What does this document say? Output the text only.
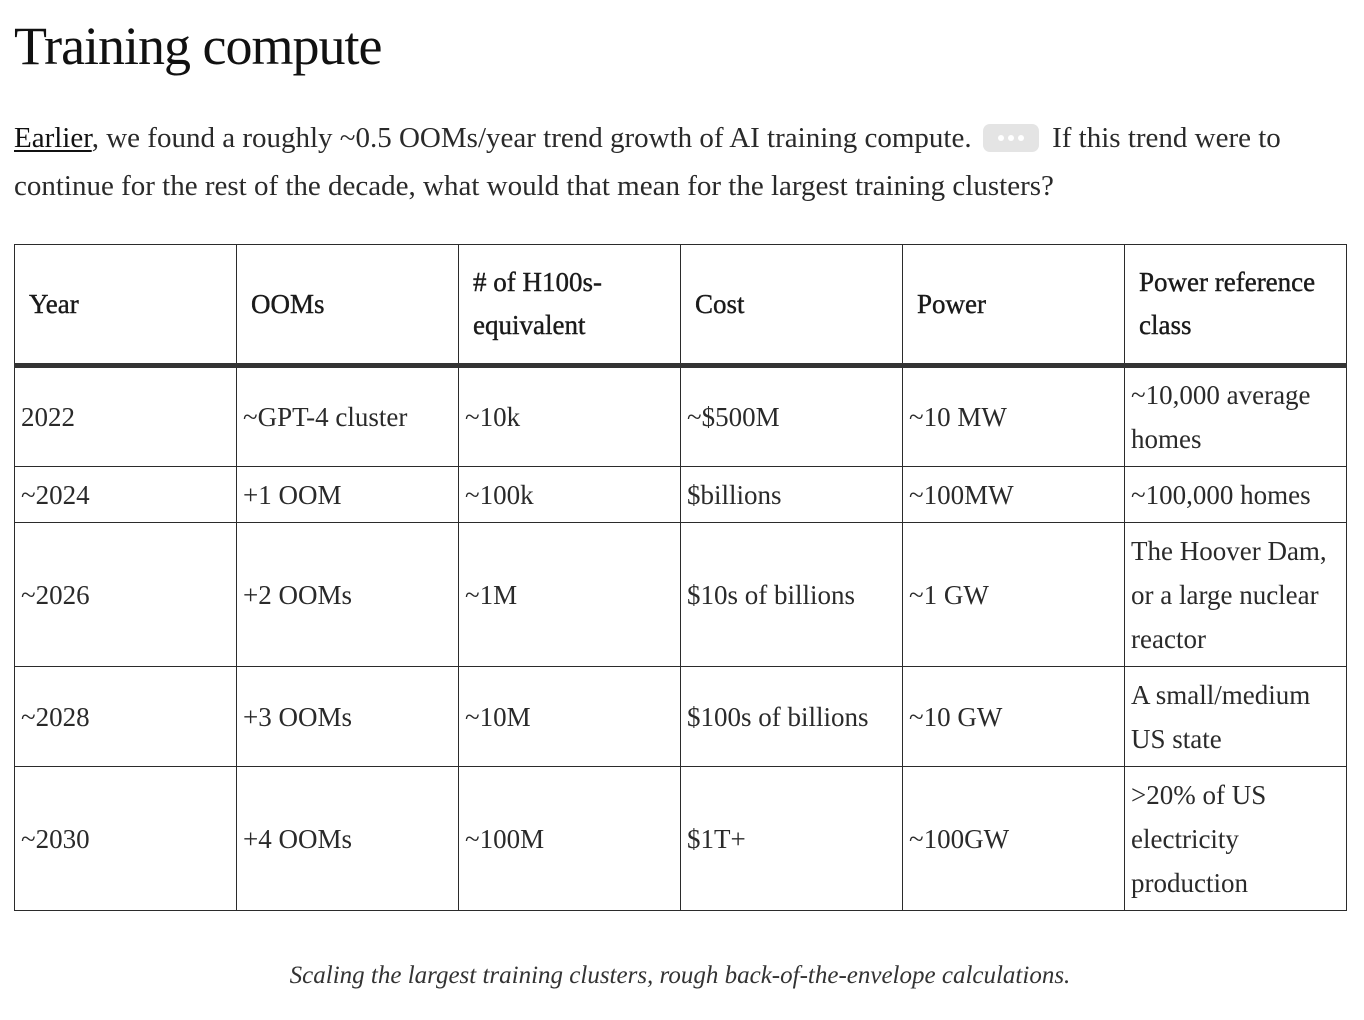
Training compute

Earlier, we found a roughly ~0.5 OOMs/year trend growth of AI training compute.	If this trend were to continue for the rest of the decade, what would that mean for the largest training clusters?

Year	OOMs	# of H100s-equivalent	Cost	Power	Power reference class
2022	~GPT-4 cluster	~10k	~$500M	~10 MW	~10,000 average homes
~2024	+1 OOM	~100k	$billions	~100MW	~100,000 homes
~2026	+2 OOMs	~1M	$10s of billions	~1 GW	The Hoover Dam, or a large nuclear reactor
~2028	+3 OOMs	~10M	$100s of billions	~10 GW	A small/medium US state
~2030	+4 OOMs	~100M	$1T+	~100GW	>20% of US electricity production

Scaling the largest training clusters, rough back-of-the-envelope calculations.
